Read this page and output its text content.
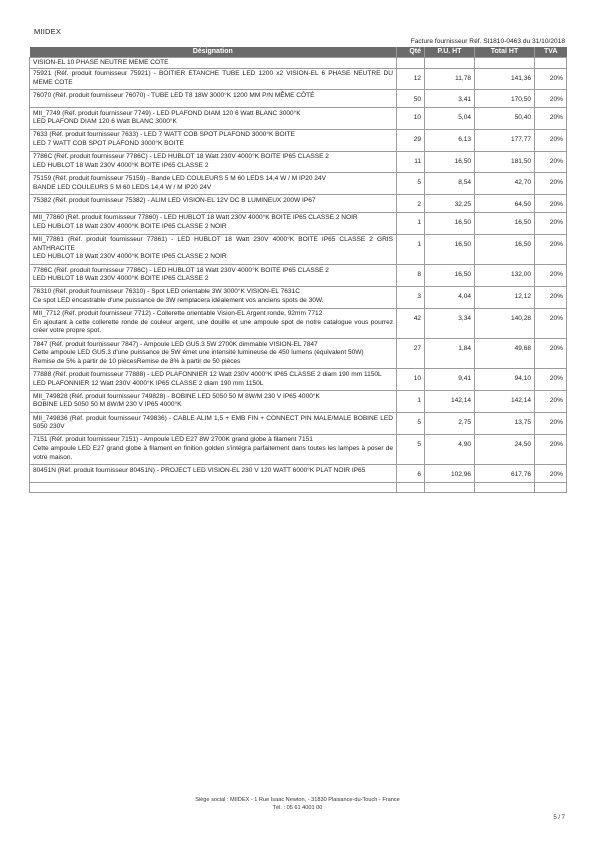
MIIDEX
Facture fournisseur Réf. SI1810-0463 du 31/10/2018
Désignation	Qté	P.U. HT	Total HT	TVA
VISION-EL 10 PHASE NEUTRE MEME COTE				

75921 (Réf. produit fournisseur 75921) - BOITIER ETANCHE TUBE LED 1200 x2 VISION-EL 6 PHASE NEUTRE DU MEME COTE	12	11,78	141,36	20%

76070 (Réf. produit fournisseur 76070) - TUBE LED T8 18W 3000°K 1200 MM P/N MÊME CÔTÉ	50	3,41	170,50	20%

MII_7749 (Réf. produit fournisseur 7749) - LED PLAFOND DIAM 120 6 Watt BLANC 3000°K
LED PLAFOND DIAM 120 6 Watt BLANC 3000°K	10	5,04	50,40	20%

7633 (Réf. produit fournisseur 7633) - LED 7 WATT COB SPOT PLAFOND 3000°K BOITE
LED 7 WATT COB SPOT PLAFOND 3000°K BOITE	29	6,13	177,77	20%

7786C (Réf. produit fournisseur 7786C) - LED HUBLOT 18 Watt 230V 4000°K BOITE IP65 CLASSE 2
LED HUBLOT 18 Watt 230V 4000°K BOITE IP65 CLASSE 2	11	16,50	181,50	20%

75159 (Réf. produit fournisseur 75159) - Bande LED COULEURS 5 M 60 LEDS 14,4 W / M IP20 24V
BANDE LED COULEURS 5 M 60 LEDS 14,4 W / M IP20 24V	5	8,54	42,70	20%

75382 (Réf. produit fournisseur 75382) - ALIM LED VISION-EL 12V DC B LUMINEUX 200W IP67	2	32,25	64,50	20%

MII_77860 (Réf. produit fournisseur 77860) - LED HUBLOT 18 Watt 230V 4000°K BOITE IP65 CLASSE 2 NOIR
LED HUBLOT 18 Watt 230V 4000°K BOITE IP65 CLASSE 2 NOIR	1	16,50	16,50	20%

MII_77861 (Réf. produit fournisseur 77861) - LED HUBLOT 18 Watt 230V 4000°K BOITE IP65 CLASSE 2 GRIS ANTHRACITE
LED HUBLOT 18 Watt 230V 4000°K BOITE IP65 CLASSE 2 NOIR	1	16,50	16,50	20%

7786C (Réf. produit fournisseur 7786C) - LED HUBLOT 18 Watt 230V 4000°K BOITE IP65 CLASSE 2
LED HUBLOT 18 Watt 230V 4000°K BOITE IP65 CLASSE 2	8	16,50	132,00	20%

76310 (Réf. produit fournisseur 76310) - Spot LED orientable 3W 3000°K VISION-EL 7631C
Ce spot LED encastrable d'une puissance de 3W remplacera idéalement vos anciens spots de 30W.	3	4,04	12,12	20%

MII_7712 (Réf. produit fournisseur 7712) - Collerette orientable Vision-EL Argent ronde, 92mm 7712
En ajoutant à cette collerette ronde de couleur argent, une douille et une ampoule spot de notre catalogue vous pourrez créer votre propre spot.	42	3,34	140,28	20%

7847 (Réf. produit fournisseur 7847) - Ampoule LED GU5.3 5W 2700K dimmable VISION-EL 7847
Cette ampoule LED GU5.3 d'une puissance de 5W émet une intensité lumineuse de 450 lumens (équivalent 50W)
Remise de 5% à partir de 10 piècesRemise de 8% à partir de 50 pièces	27	1,84	49,68	20%

77888 (Réf. produit fournisseur 77888) - LED PLAFONNIER 12 Watt 230V 4000°K IP65 CLASSE 2 diam 190 mm 1150L
LED PLAFONNIER 12 Watt 230V 4000°K IP65 CLASSE 2 diam 190 mm 1150L	10	9,41	94,10	20%

MII_749828 (Réf. produit fournisseur 749828) - BOBINE LED 5050 50 M 8W/M 230 V IP65 4000°K
BOBINE LED 5050 50 M 8W/M 230 V IP65 4000°K	1	142,14	142,14	20%

MII_749836 (Réf. produit fournisseur 749836) - CABLE ALIM 1,5 + EMB FIN + CONNECT PIN MALE/MALE BOBINE LED 5050 230V	5	2,75	13,75	20%

7151 (Réf. produit fournisseur 7151) - Ampoule LED E27 8W 2700K grand globe à filament 7151
Cette ampoule LED E27 grand globe à filament en finition golden s'intégra parfaitement dans toutes les lampes à poser de votre maison.	5	4,90	24,50	20%

80451N (Réf. produit fournisseur 80451N) - PROJECT LED VISION-EL 230 V 120 WATT 6000°K PLAT NOIR IP65	6	102,96	617,76	20%

Siège social : MIIDEX - 1 Rue Isaac Newton, - 31830 Plaisance-du-Touch - France
Tél. : 05 61 4001 00
5 / 7
